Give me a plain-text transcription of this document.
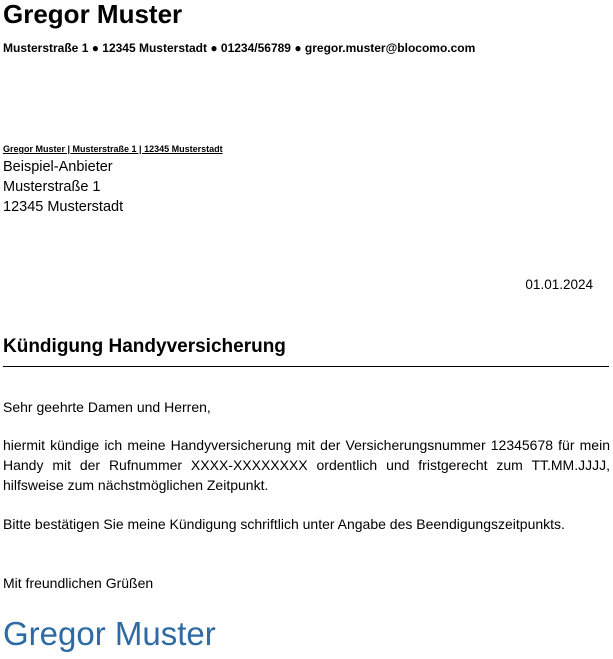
Gregor Muster
Musterstraße 1 ● 12345 Musterstadt ● 01234/56789 ● gregor.muster@blocomo.com
Gregor Muster | Musterstraße 1 | 12345 Musterstadt
Beispiel-Anbieter
Musterstraße 1
12345 Musterstadt
01.01.2024
Kündigung Handyversicherung
Sehr geehrte Damen und Herren,
hiermit kündige ich meine Handyversicherung mit der Versicherungsnummer 12345678 für mein Handy mit der Rufnummer XXXX-XXXXXXXX ordentlich und fristgerecht zum TT.MM.JJJJ, hilfsweise zum nächstmöglichen Zeitpunkt.
Bitte bestätigen Sie meine Kündigung schriftlich unter Angabe des Beendigungszeitpunkts.
Mit freundlichen Grüßen
Gregor Muster
